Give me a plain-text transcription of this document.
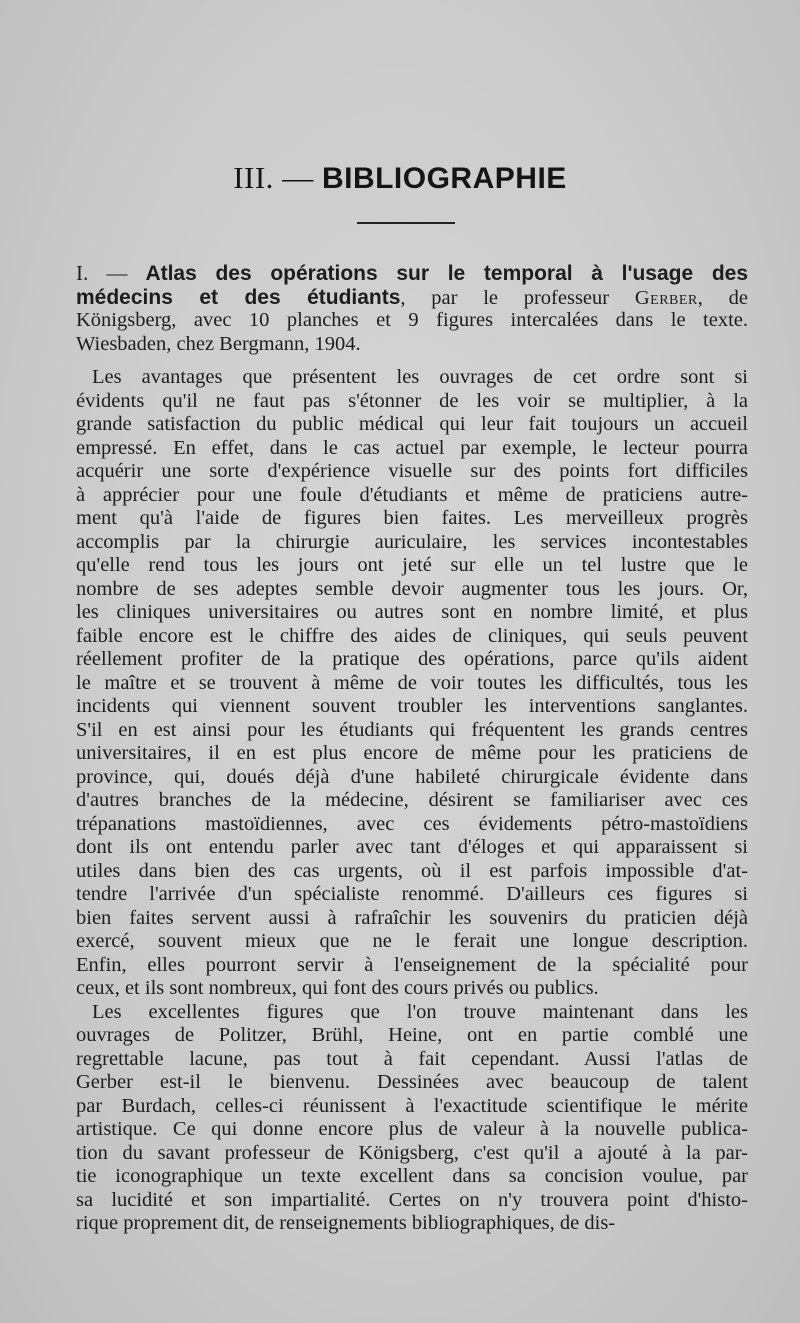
III. — BIBLIOGRAPHIE
I. — Atlas des opérations sur le temporal à l'usage des
médecins et des étudiants, par le professeur Gerber, de
Königsberg, avec 10 planches et 9 figures intercalées dans le texte.
Wiesbaden, chez Bergmann, 1904.
Les avantages que présentent les ouvrages de cet ordre sont si
évidents qu'il ne faut pas s'étonner de les voir se multiplier, à la
grande satisfaction du public médical qui leur fait toujours un accueil
empressé. En effet, dans le cas actuel par exemple, le lecteur pourra
acquérir une sorte d'expérience visuelle sur des points fort difficiles
à apprécier pour une foule d'étudiants et même de praticiens autre-
ment qu'à l'aide de figures bien faites. Les merveilleux progrès
accomplis par la chirurgie auriculaire, les services incontestables
qu'elle rend tous les jours ont jeté sur elle un tel lustre que le
nombre de ses adeptes semble devoir augmenter tous les jours. Or,
les cliniques universitaires ou autres sont en nombre limité, et plus
faible encore est le chiffre des aides de cliniques, qui seuls peuvent
réellement profiter de la pratique des opérations, parce qu'ils aident
le maître et se trouvent à même de voir toutes les difficultés, tous les
incidents qui viennent souvent troubler les interventions sanglantes.
S'il en est ainsi pour les étudiants qui fréquentent les grands centres
universitaires, il en est plus encore de même pour les praticiens de
province, qui, doués déjà d'une habileté chirurgicale évidente dans
d'autres branches de la médecine, désirent se familiariser avec ces
trépanations mastoïdiennes, avec ces évidements pétro-mastoïdiens
dont ils ont entendu parler avec tant d'éloges et qui apparaissent si
utiles dans bien des cas urgents, où il est parfois impossible d'at-
tendre l'arrivée d'un spécialiste renommé. D'ailleurs ces figures si
bien faites servent aussi à rafraîchir les souvenirs du praticien déjà
exercé, souvent mieux que ne le ferait une longue description.
Enfin, elles pourront servir à l'enseignement de la spécialité pour
ceux, et ils sont nombreux, qui font des cours privés ou publics.
Les excellentes figures que l'on trouve maintenant dans les
ouvrages de Politzer, Brühl, Heine, ont en partie comblé une
regrettable lacune, pas tout à fait cependant. Aussi l'atlas de
Gerber est-il le bienvenu. Dessinées avec beaucoup de talent
par Burdach, celles-ci réunissent à l'exactitude scientifique le mérite
artistique. Ce qui donne encore plus de valeur à la nouvelle publica-
tion du savant professeur de Königsberg, c'est qu'il a ajouté à la par-
tie iconographique un texte excellent dans sa concision voulue, par
sa lucidité et son impartialité. Certes on n'y trouvera point d'histo-
rique proprement dit, de renseignements bibliographiques, de dis-
